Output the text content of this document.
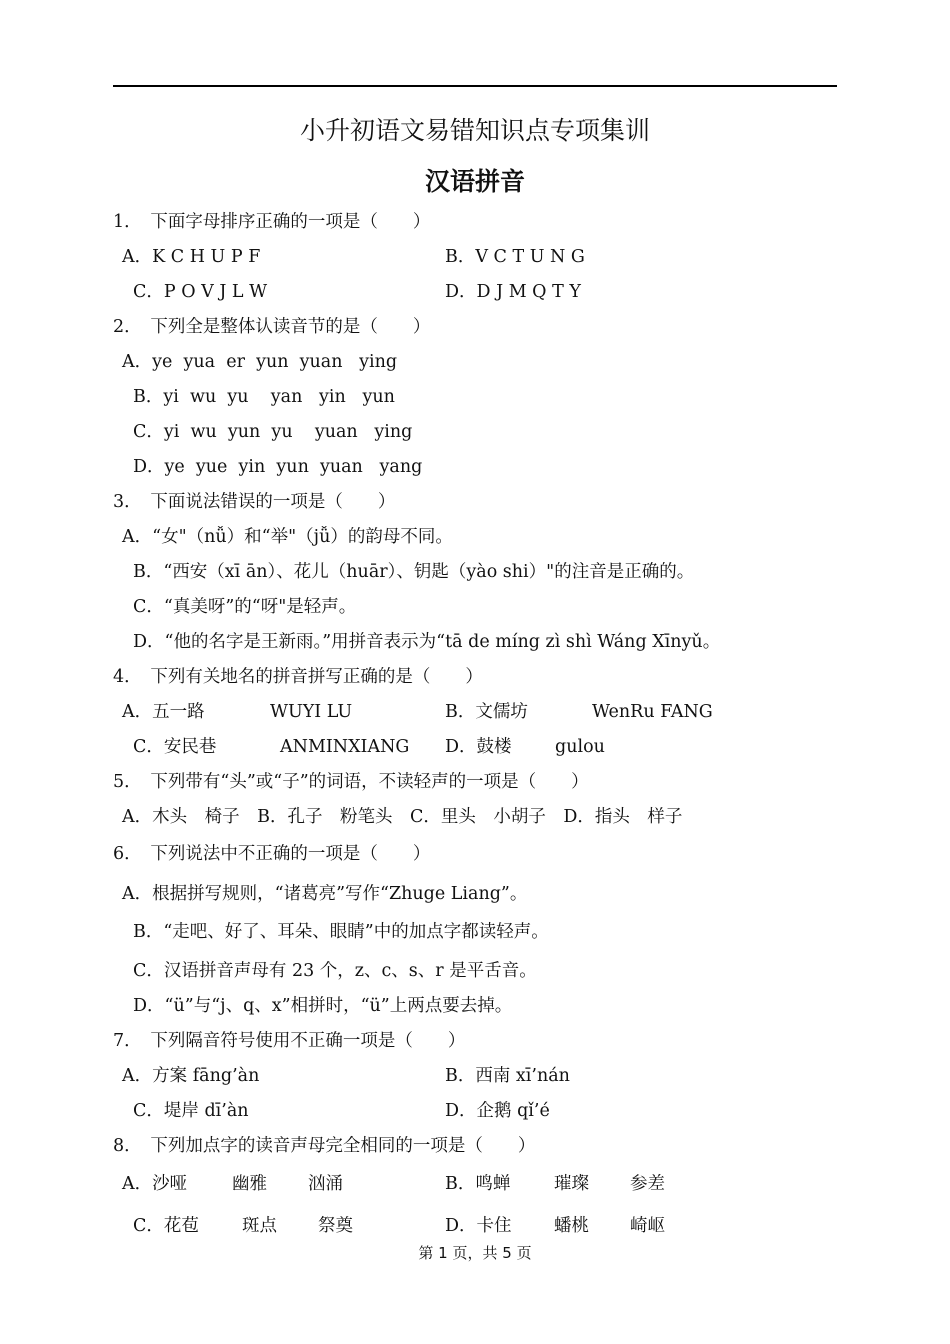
小升初语文易错知识点专项集训
汉语拼音
1．　下面字母排序正确的一项是（　　）
A．K C H U P F	B．V C T U N G
C．P O V J L W	D．D J M Q T Y
2．　下列全是整体认读音节的是（　　）
A．ye  yua  er  yun  yuan   ying
B．yi  wu  yu    yan   yin   yun
C．yi  wu  yun  yu    yuan   ying
D．ye  yue  yin  yun  yuan   yang
3．　下面说法错误的一项是（　　）
A．“女"（nǚ）和“举"（jǚ）的韵母不同。
B．“西安（xī ān）、花儿（huār）、钥匙（yào shi）"的注音是正确的。
C．“真美呀”的“呀"是轻声。
D．“他的名字是王新雨。”用拼音表示为“tā de míng zì shì Wáng Xīnyǔ。
4．　下列有关地名的拼音拼写正确的是（　　）
A．五一路	WUYI LU	B．文儒坊	WenRu FANG
C．安民巷	ANMINXIANG D．鼓楼 gulou
5．　下列带有“头”或“子”的词语，不读轻声的一项是（　　）
A．木头　椅子　B．孔子　粉笔头　C．里头　小胡子　D．指头　样子
6．　下列说法中不正确的一项是（　　）
A．根据拼写规则，“诸葛亮”写作“Zhuge Liang”。
B．“走吧、好了、耳朵、眼睛”中的加点字都读轻声。
C．汉语拼音声母有 23 个，z、c、s、r 是平舌音。
D．“ü”与“j、q、x”相拼时，“ü”上两点要去掉。
7．　下列隔音符号使用不正确一项是（　　）
A．方案 fāng’àn	B．西南 xī’nán
C．堤岸 dī’àn	D．企鹅 qǐ’é
8．　下列加点字的读音声母完全相同的一项是（　　）
A．沙哑	幽雅 汹涌	B．鸣蝉 璀璨 参差
C．花苞 斑点 祭奠	D．卡住 蟠桃 崎岖
第 1 页，共 5 页
